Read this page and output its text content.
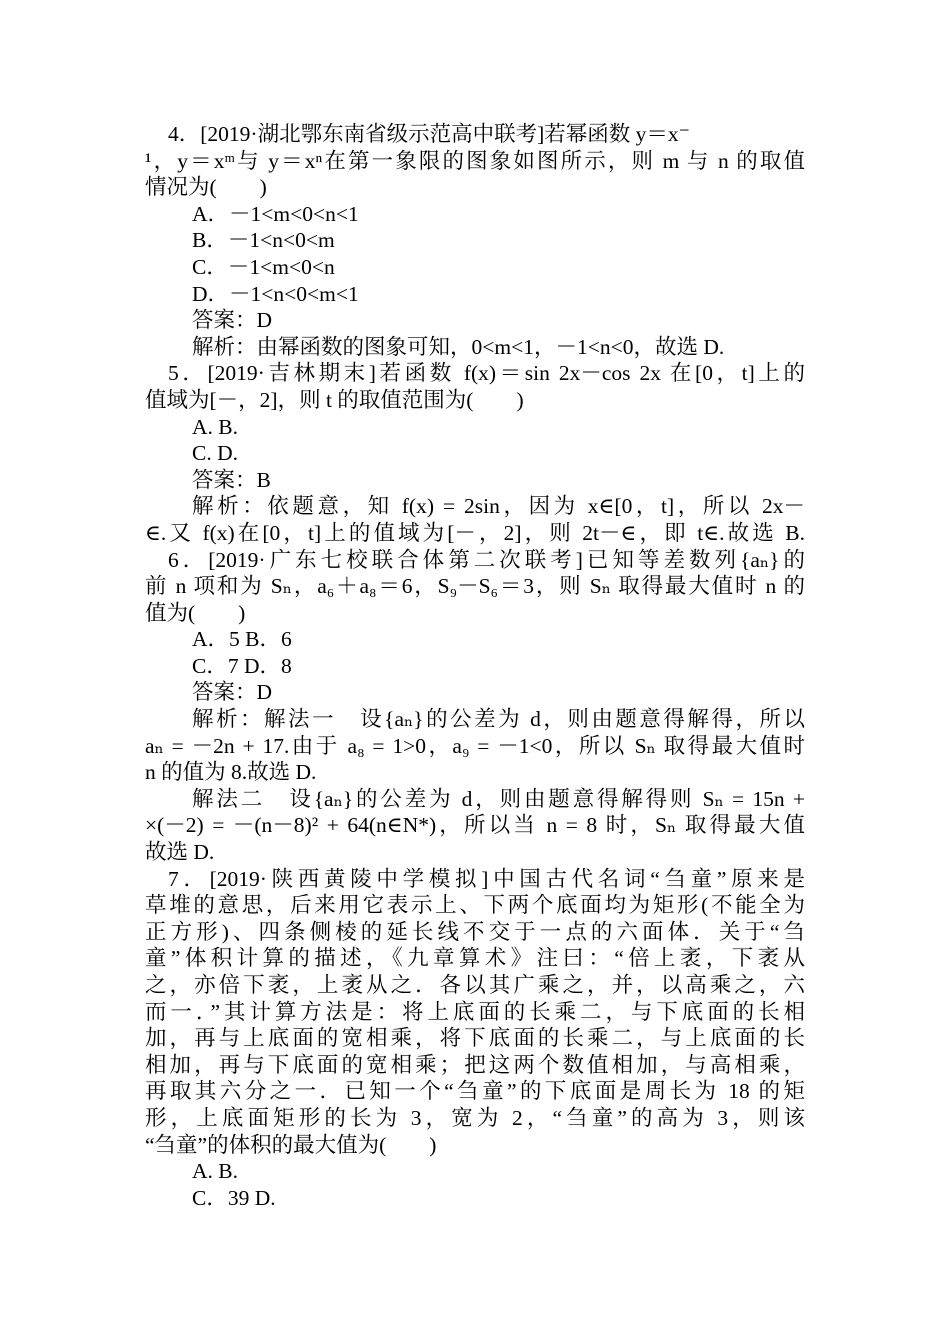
4．[2019·湖北鄂东南省级示范高中联考]若幂函数 y＝x⁻
¹，y＝xᵐ与 y＝xⁿ在第一象限的图象如图所示，则 m 与 n 的取值
情况为(　　)
A．－1<m<0<n<1
B．－1<n<0<m
C．－1<m<0<n
D．－1<n<0<m<1
答案：D
解析：由幂函数的图象可知，0<m<1，－1<n<0，故选 D.
5．[2019·吉林期末]若函数 f(x)＝sin 2x－cos 2x 在[0，t]上的
值域为[－，2]，则 t 的取值范围为(　　)
A. B.
C. D.
答案：B
解析：依题意，知 f(x) = 2sin，因为 x∈[0，t]，所以 2x－
∈.又 f(x)在[0，t]上的值域为[－，2]，则 2t－∈，即 t∈.故选 B.
6．[2019·广东七校联合体第二次联考]已知等差数列{aₙ}的
前 n 项和为 Sₙ，a₆＋a₈＝6，S₉－S₆＝3，则 Sₙ 取得最大值时 n 的
值为(　　)
A．5 B．6
C．7 D．8
答案：D
解析：解法一　设{aₙ}的公差为 d，则由题意得解得，所以
aₙ = －2n + 17.由于 a₈ = 1>0，a₉ = －1<0，所以 Sₙ 取得最大值时
n 的值为 8.故选 D.
解法二　设{aₙ}的公差为 d，则由题意得解得则 Sₙ = 15n +
×(－2) = －(n－8)² + 64(n∈N*)，所以当 n = 8 时，Sₙ 取得最大值
故选 D.
7．[2019·陕西黄陵中学模拟]中国古代名词“刍童”原来是
草堆的意思，后来用它表示上、下两个底面均为矩形(不能全为
正方形)、四条侧棱的延长线不交于一点的六面体．关于“刍
童”体积计算的描述，《九章算术》注曰：“倍上袤，下袤从
之，亦倍下袤，上袤从之．各以其广乘之，并，以高乘之，六
而一．”其计算方法是：将上底面的长乘二，与下底面的长相
加，再与上底面的宽相乘，将下底面的长乘二，与上底面的长
相加，再与下底面的宽相乘；把这两个数值相加，与高相乘，
再取其六分之一．已知一个“刍童”的下底面是周长为 18 的矩
形，上底面矩形的长为 3，宽为 2，“刍童”的高为 3，则该
“刍童”的体积的最大值为(　　)
A. B.
C．39 D.
